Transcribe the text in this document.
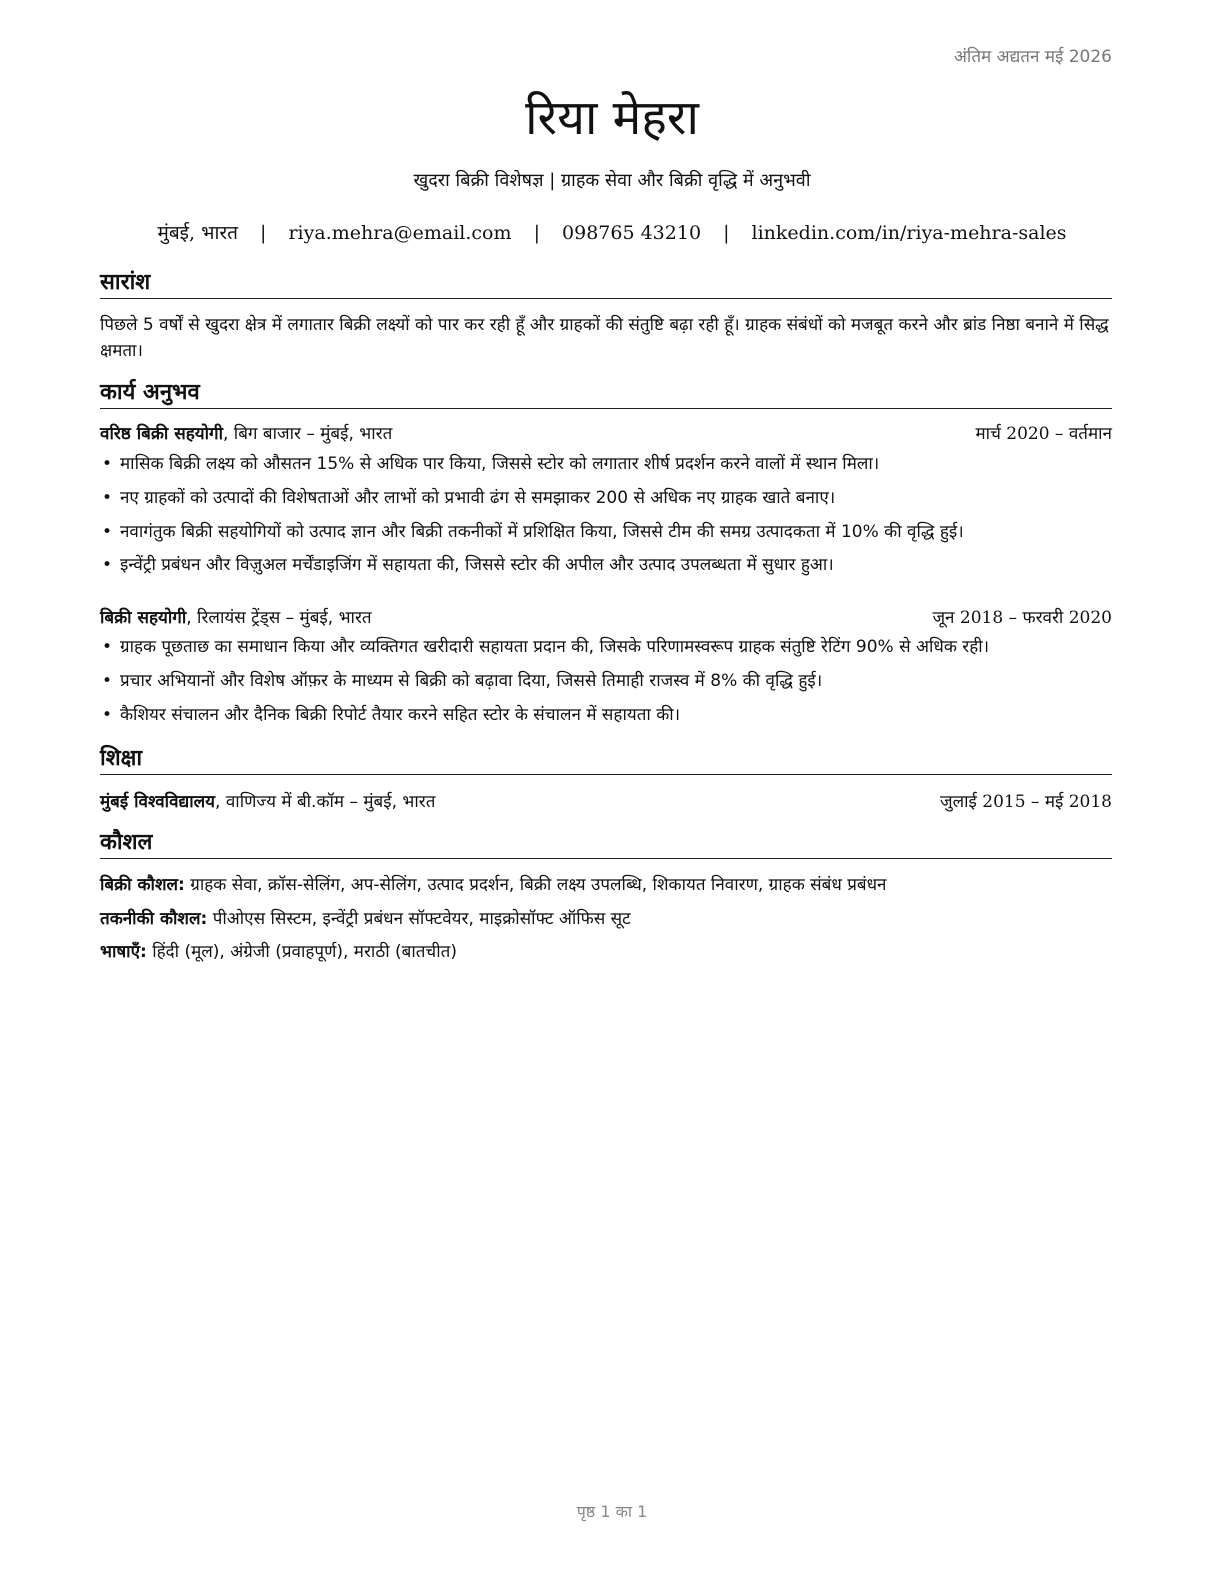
अंतिम अद्यतन मई 2026
रिया मेहरा
खुदरा बिक्री विशेषज्ञ | ग्राहक सेवा और बिक्री वृद्धि में अनुभवी
मुंबई, भारत | riya.mehra@email.com | 098765 43210 | linkedin.com/in/riya-mehra-sales
सारांश
पिछले 5 वर्षों से खुदरा क्षेत्र में लगातार बिक्री लक्ष्यों को पार कर रही हूँ और ग्राहकों की संतुष्टि बढ़ा रही हूँ। ग्राहक संबंधों को मजबूत करने और ब्रांड निष्ठा बनाने में सिद्ध क्षमता।
कार्य अनुभव
वरिष्ठ बिक्री सहयोगी, बिग बाजार – मुंबई, भारत	मार्च 2020 – वर्तमान
• मासिक बिक्री लक्ष्य को औसतन 15% से अधिक पार किया, जिससे स्टोर को लगातार शीर्ष प्रदर्शन करने वालों में स्थान मिला।
• नए ग्राहकों को उत्पादों की विशेषताओं और लाभों को प्रभावी ढंग से समझाकर 200 से अधिक नए ग्राहक खाते बनाए।
• नवागंतुक बिक्री सहयोगियों को उत्पाद ज्ञान और बिक्री तकनीकों में प्रशिक्षित किया, जिससे टीम की समग्र उत्पादकता में 10% की वृद्धि हुई।
• इन्वेंट्री प्रबंधन और विज़ुअल मर्चेंडाइजिंग में सहायता की, जिससे स्टोर की अपील और उत्पाद उपलब्धता में सुधार हुआ।
बिक्री सहयोगी, रिलायंस ट्रेंड्स – मुंबई, भारत	जून 2018 – फरवरी 2020
• ग्राहक पूछताछ का समाधान किया और व्यक्तिगत खरीदारी सहायता प्रदान की, जिसके परिणामस्वरूप ग्राहक संतुष्टि रेटिंग 90% से अधिक रही।
• प्रचार अभियानों और विशेष ऑफ़र के माध्यम से बिक्री को बढ़ावा दिया, जिससे तिमाही राजस्व में 8% की वृद्धि हुई।
• कैशियर संचालन और दैनिक बिक्री रिपोर्ट तैयार करने सहित स्टोर के संचालन में सहायता की।
शिक्षा
मुंबई विश्वविद्यालय, वाणिज्य में बी.कॉम – मुंबई, भारत	जुलाई 2015 – मई 2018
कौशल
बिक्री कौशल: ग्राहक सेवा, क्रॉस-सेलिंग, अप-सेलिंग, उत्पाद प्रदर्शन, बिक्री लक्ष्य उपलब्धि, शिकायत निवारण, ग्राहक संबंध प्रबंधन
तकनीकी कौशल: पीओएस सिस्टम, इन्वेंट्री प्रबंधन सॉफ्टवेयर, माइक्रोसॉफ्ट ऑफिस सूट
भाषाएँ: हिंदी (मूल), अंग्रेजी (प्रवाहपूर्ण), मराठी (बातचीत)
पृष्ठ 1 का 1
